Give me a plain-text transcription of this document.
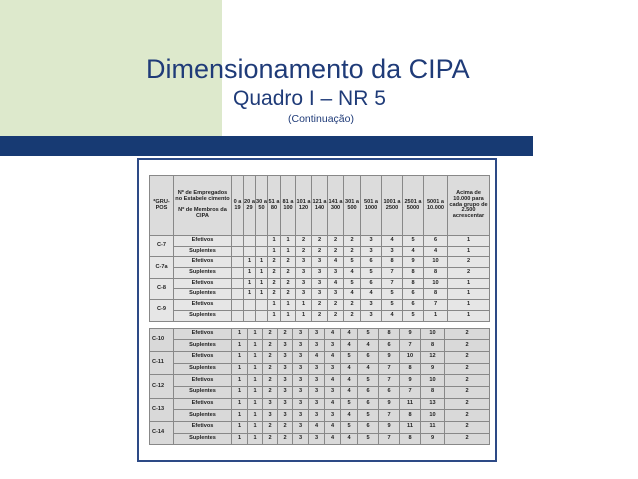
Dimensionamento da CIPA
Quadro I – NR 5
(Continuação)
*GRU-POS	Nº de Empregados no Estabele cimento

Nº de Membros da CIPA	0 a 19	20 a 29	30 a 50	51 a 80	81 a 100	101 a 120	121 a 140	141 a 300	301 a 500	501 a 1000	1001 a 2500	2501 a 5000	5001 a 10.000	Acima de 10.000 para cada grupo de 2.500 acrescentar
C-7	Efetivos				1	1	2	2	2	2	3	4	5	6	1
	Suplentes				1	1	2	2	2	2	3	3	4	4	1
C-7a	Efetivos		1	1	2	2	3	3	4	5	6	8	9	10	2
	Suplentes		1	1	2	2	3	3	3	4	5	7	8	8	2
C-8	Efetivos		1	1	2	2	3	3	4	5	6	7	8	10	1
	Suplentes		1	1	2	2	3	3	3	4	4	5	6	8	1
C-9	Efetivos				1	1	1	2	2	2	3	5	6	7	1
	Suplentes				1	1	1	2	2	2	3	4	5	1	1
C-10	Efetivos	1	1	2	2	3	3	4	4	5	8	9	10	2
	Suplentes	1	1	2	3	3	3	3	4	4	6	7	8	2
C-11	Efetivos	1	1	2	3	3	4	4	5	6	9	10	12	2
	Suplentes	1	1	2	3	3	3	3	4	4	7	8	9	2
C-12	Efetivos	1	1	2	3	3	3	4	4	5	7	9	10	2
	Suplentes	1	1	2	3	3	3	3	4	6	6	7	8	2
C-13	Efetivos	1	1	3	3	3	3	4	5	6	9	11	13	2
	Suplentes	1	1	3	3	3	3	3	4	5	7	8	10	2
C-14	Efetivos	1	1	2	2	3	4	4	5	6	9	11	11	2
	Suplentes	1	1	2	2	3	3	4	4	5	7	8	9	2
